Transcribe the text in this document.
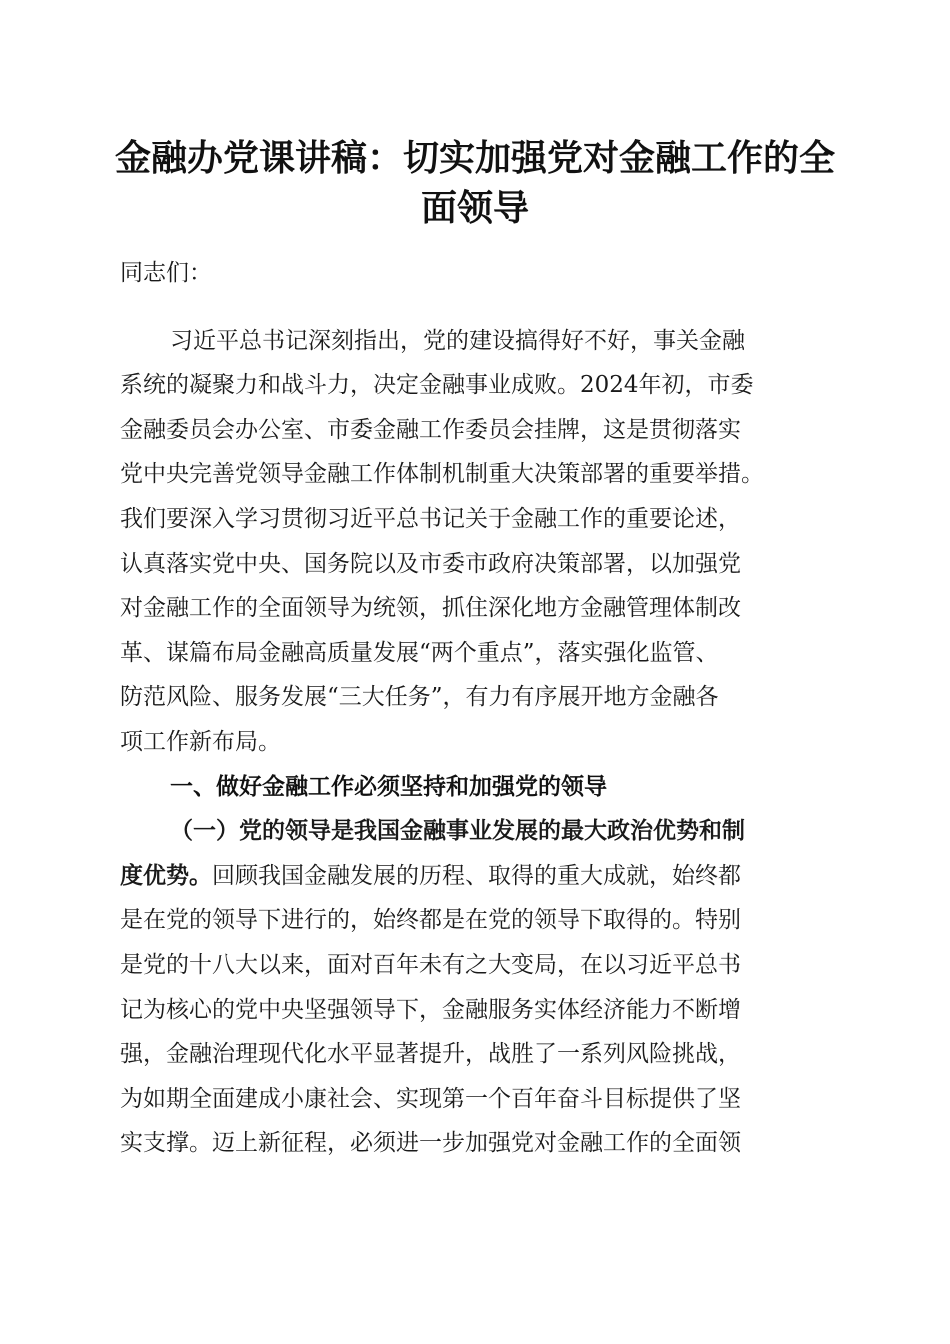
金融办党课讲稿：切实加强党对金融工作的全
面领导

同志们：

习近平总书记深刻指出，党的建设搞得好不好，事关金融

系统的凝聚力和战斗力，决定金融事业成败。2024年初，市委

金融委员会办公室、市委金融工作委员会挂牌，这是贯彻落实

党中央完善党领导金融工作体制机制重大决策部署的重要举措。

我们要深入学习贯彻习近平总书记关于金融工作的重要论述，

认真落实党中央、国务院以及市委市政府决策部署，以加强党

对金融工作的全面领导为统领，抓住深化地方金融管理体制改

革、谋篇布局金融高质量发展“两个重点”，落实强化监管、

防范风险、服务发展“三大任务”，有力有序展开地方金融各

项工作新布局。

一、做好金融工作必须坚持和加强党的领导

（一）党的领导是我国金融事业发展的最大政治优势和制

度优势。回顾我国金融发展的历程、取得的重大成就，始终都

是在党的领导下进行的，始终都是在党的领导下取得的。特别

是党的十八大以来，面对百年未有之大变局，在以习近平总书

记为核心的党中央坚强领导下，金融服务实体经济能力不断增

强，金融治理现代化水平显著提升，战胜了一系列风险挑战，

为如期全面建成小康社会、实现第一个百年奋斗目标提供了坚

实支撑。迈上新征程，必须进一步加强党对金融工作的全面领
